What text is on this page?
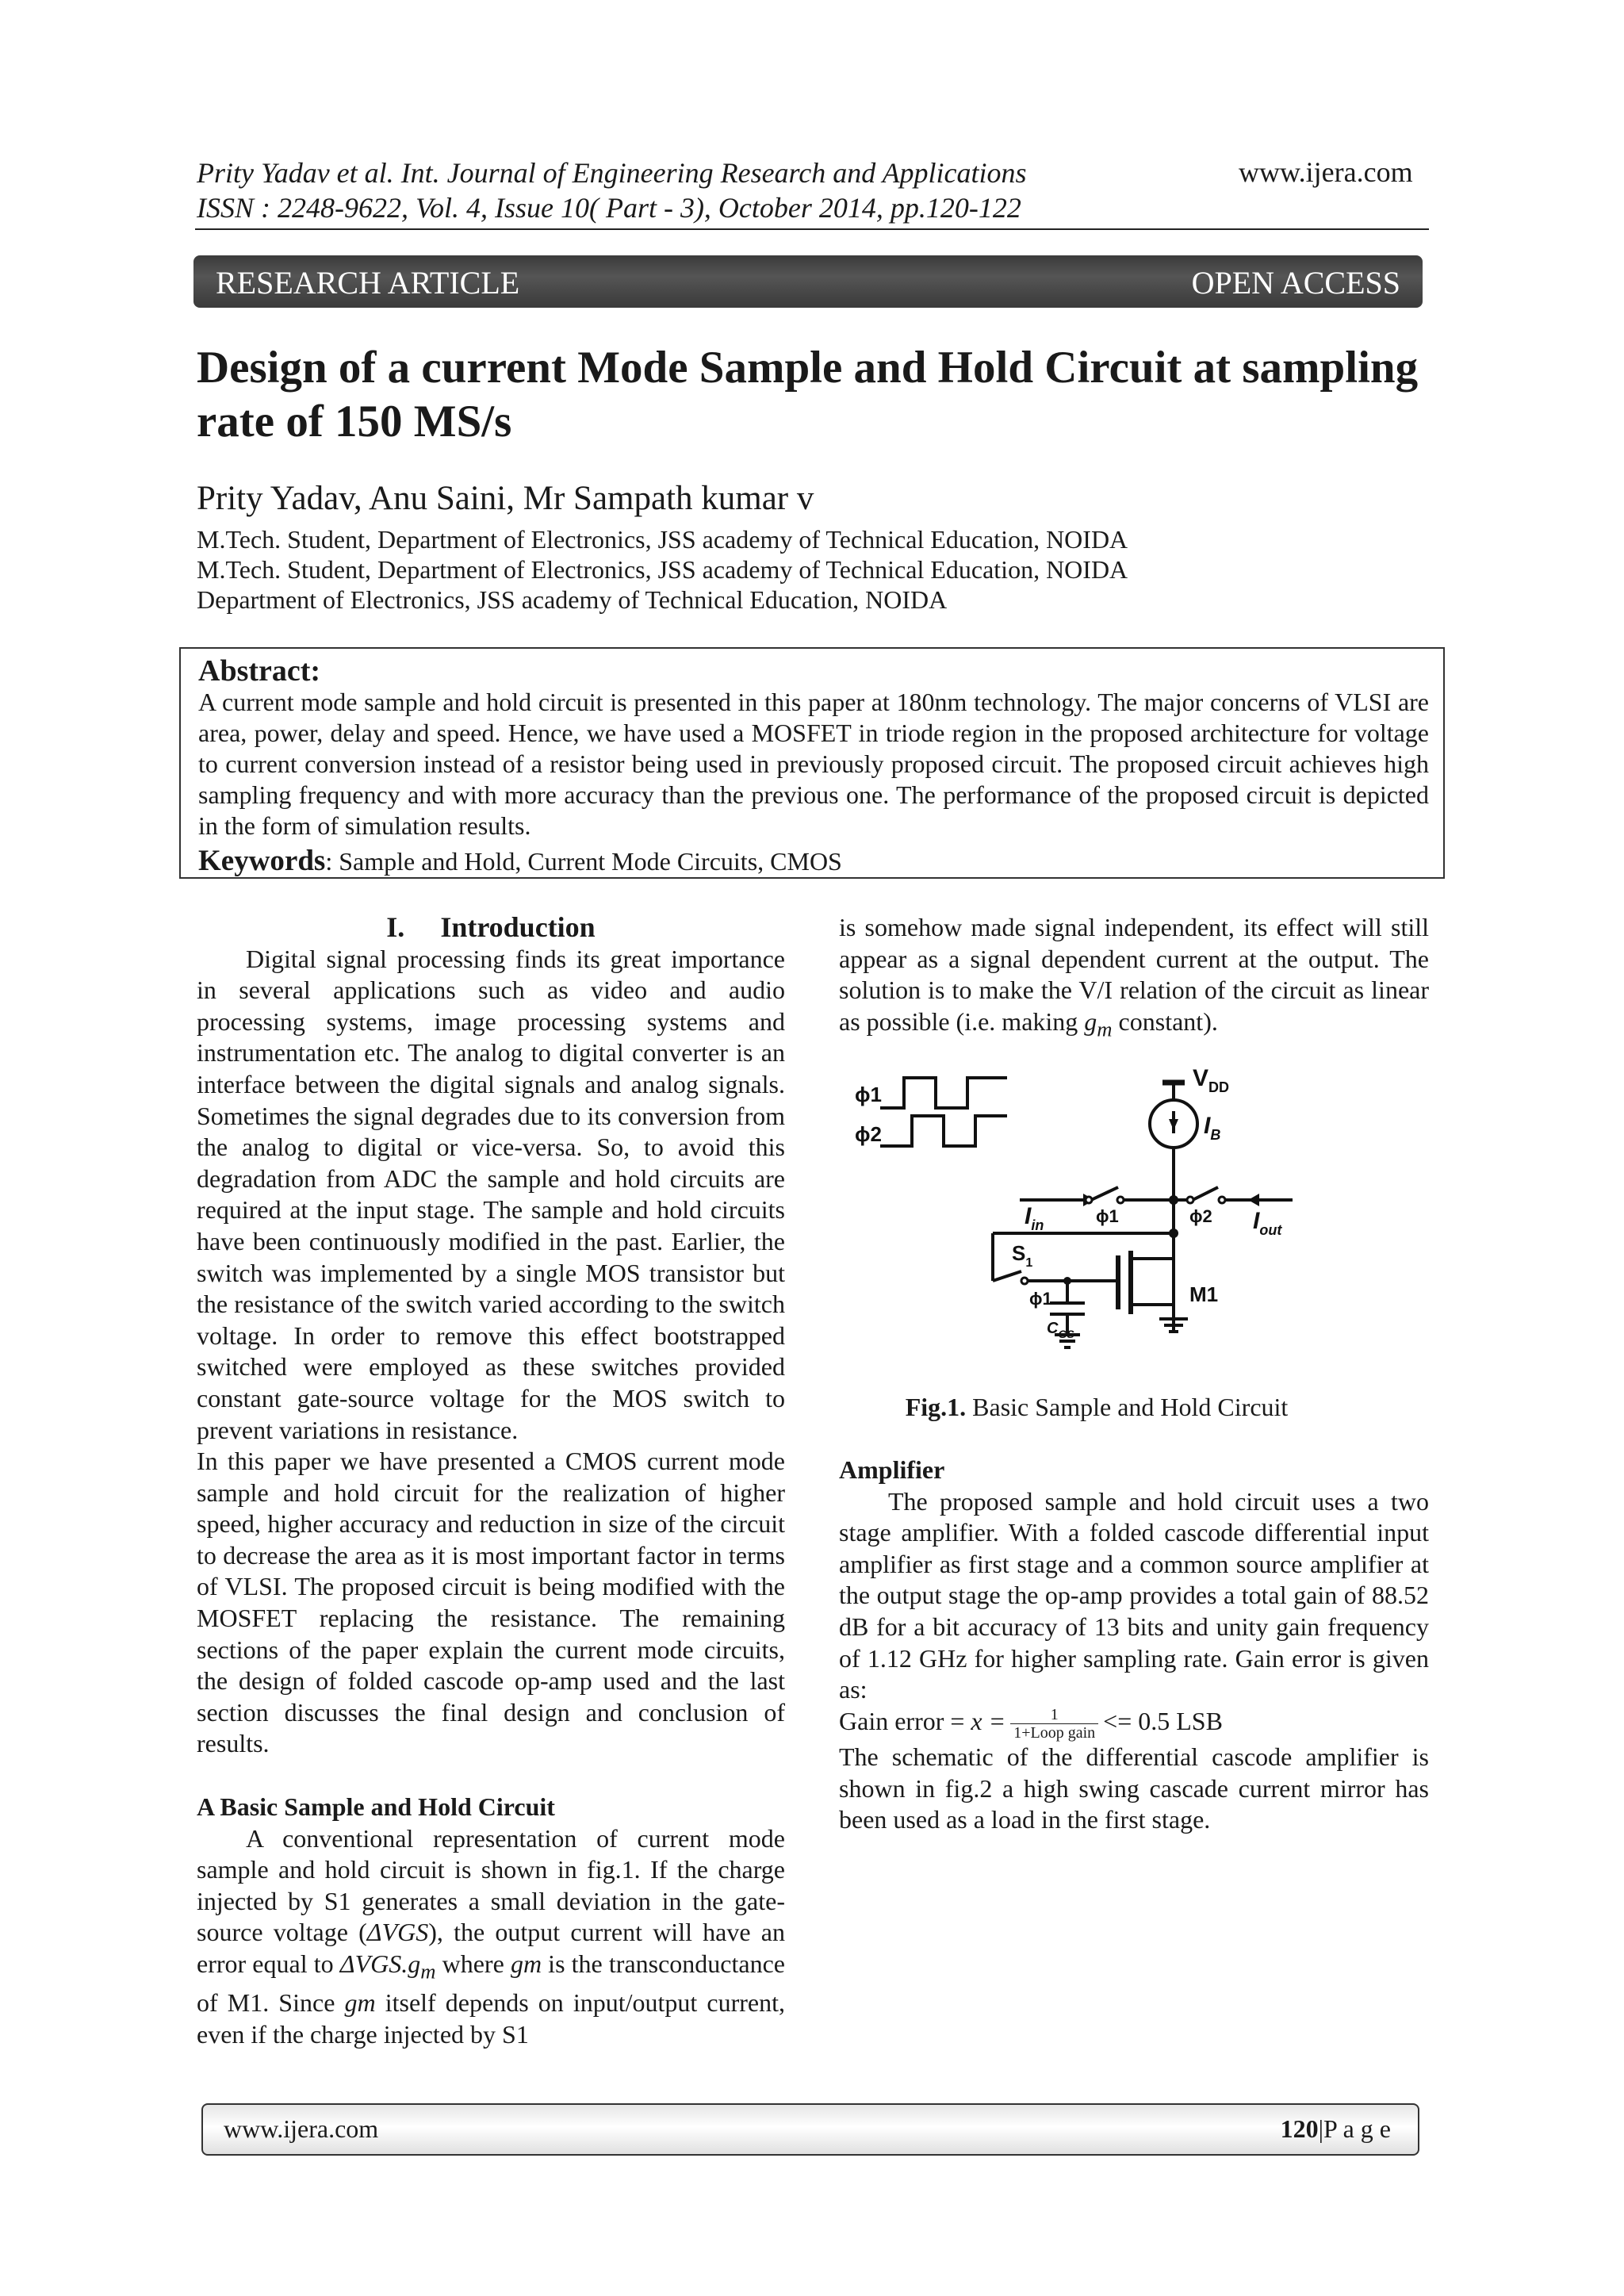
Prity Yadav et al. Int. Journal of Engineering Research and Applications
ISSN : 2248-9622, Vol. 4, Issue 10( Part - 3), October 2014, pp.120-122
www.ijera.com
RESEARCH ARTICLE	OPEN ACCESS
Design of a current Mode Sample and Hold Circuit at sampling rate of 150 MS/s
Prity Yadav, Anu Saini, Mr Sampath kumar v
M.Tech. Student, Department of Electronics, JSS academy of Technical Education, NOIDA
M.Tech. Student, Department of Electronics, JSS academy of Technical Education, NOIDA
Department of Electronics, JSS academy of Technical Education, NOIDA
Abstract:
A current mode sample and hold circuit is presented in this paper at 180nm technology. The major concerns of VLSI are area, power, delay and speed. Hence, we have used a MOSFET in triode region in the proposed architecture for voltage to current conversion instead of a resistor being used in previously proposed circuit. The proposed circuit achieves high sampling frequency and with more accuracy than the previous one. The performance of the proposed circuit is depicted in the form of simulation results.
Keywords: Sample and Hold, Current Mode Circuits, CMOS

I. Introduction

Digital signal processing finds its great importance in several applications such as video and audio processing systems, image processing systems and instrumentation etc. The analog to digital converter is an interface between the digital signals and analog signals. Sometimes the signal degrades due to its conversion from the analog to digital or vice-versa. So, to avoid this degradation from ADC the sample and hold circuits are required at the input stage. The sample and hold circuits have been continuously modified in the past. Earlier, the switch was implemented by a single MOS transistor but the resistance of the switch varied according to the switch voltage. In order to remove this effect bootstrapped switched were employed as these switches provided constant gate-source voltage for the MOS switch to prevent variations in resistance.

In this paper we have presented a CMOS current mode sample and hold circuit for the realization of higher speed, higher accuracy and reduction in size of the circuit to decrease the area as it is most important factor in terms of VLSI. The proposed circuit is being modified with the MOSFET replacing the resistance. The remaining sections of the paper explain the current mode circuits, the design of folded cascode op-amp used and the last section discusses the final design and conclusion of results.

A Basic Sample and Hold Circuit

A conventional representation of current mode sample and hold circuit is shown in fig.1. If the charge injected by S1 generates a small deviation in the gate-source voltage (ΔVGS), the output current will have an error equal to $\Delta VGS.g_m$ where gm is the transconductance of M1. Since gm itself depends on input/output current, even if the charge injected by S1

is somehow made signal independent, its effect will still appear as a signal dependent current at the output. The solution is to make the V/I relation of the circuit as linear as possible (i.e. making $g_m$ constant).

ϕ1
ϕ2
$V_{DD}$
$I_B$
$I_{in}$	$I_{out}$
ϕ1	ϕ2
$S_1$
ϕ1	M1
$C_{GS}$
Fig.1. Basic Sample and Hold Circuit

Amplifier

The proposed sample and hold circuit uses a two stage amplifier. With a folded cascode differential input amplifier as first stage and a common source amplifier at the output stage the op-amp provides a total gain of 88.52 dB for a bit accuracy of 13 bits and unity gain frequency of 1.12 GHz for higher sampling rate. Gain error is given as:

Gain error = $x = \frac{1}{\text{1+Loop gain}} <= 0.5$ LSB

The schematic of the differential cascode amplifier is shown in fig.2 a high swing cascade current mirror has been used as a load in the first stage.

www.ijera.com	120|P a g e
